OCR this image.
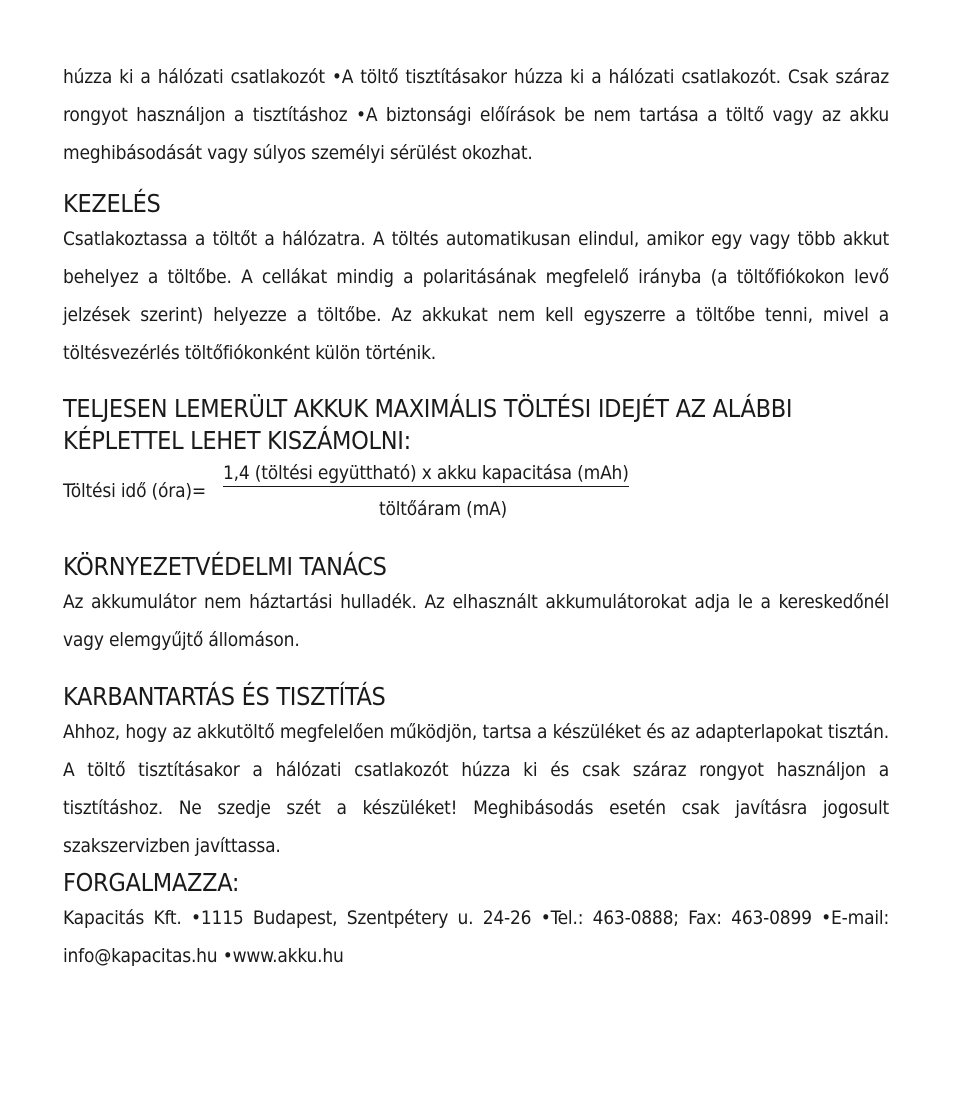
húzza ki a hálózati csatlakozót •A töltő tisztításakor húzza ki a hálózati csatlakozót. Csak száraz rongyot használjon a tisztításhoz •A biztonsági előírások be nem tartása a töltő vagy az akku meghibásodását vagy súlyos személyi sérülést okozhat.

KEZELÉS

Csatlakoztassa a töltőt a hálózatra. A töltés automatikusan elindul, amikor egy vagy több akkut behelyez a töltőbe. A cellákat mindig a polaritásának megfelelő irányba (a töltőfiókokon levő jelzések szerint) helyezze a töltőbe. Az akkukat nem kell egyszerre a töltőbe tenni, mivel a töltésvezérlés töltőfiókonként külön történik.

TELJESEN LEMERÜLT AKKUK MAXIMÁLIS TÖLTÉSI IDEJÉT AZ ALÁBBI KÉPLETTEL LEHET KISZÁMOLNI:
Töltési idő (óra)=
1,4 (töltési együttható) x akku kapacitása (mAh)
töltőáram (mA)
KÖRNYEZETVÉDELMI TANÁCS

Az akkumulátor nem háztartási hulladék. Az elhasznált akkumulátorokat adja le a kereskedőnél vagy elemgyűjtő állomáson.

KARBANTARTÁS ÉS TISZTÍTÁS

Ahhoz, hogy az akkutöltő megfelelően működjön, tartsa a készüléket és az adapterlapokat tisztán. A töltő tisztításakor a hálózati csatlakozót húzza ki és csak száraz rongyot használjon a tisztításhoz. Ne szedje szét a készüléket! Meghibásodás esetén csak javításra jogosult szakszervizben javíttassa.

FORGALMAZZA:

Kapacitás Kft. •1115 Budapest, Szentpétery u. 24-26 •Tel.: 463-0888; Fax: 463-0899 •E-mail: info@kapacitas.hu •www.akku.hu
